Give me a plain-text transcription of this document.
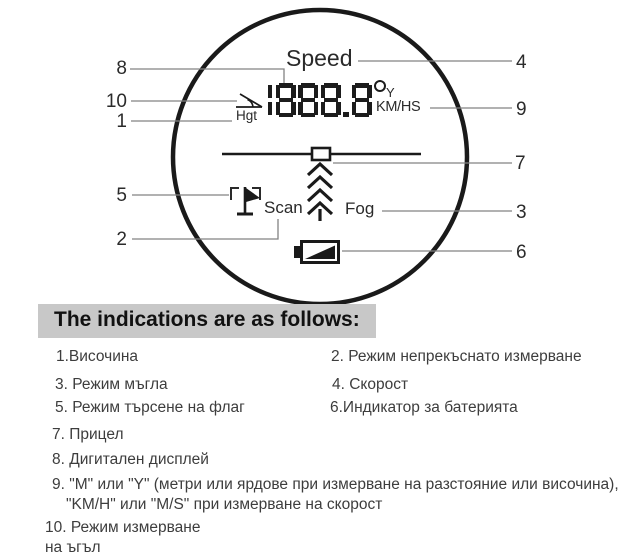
Speed
Y
KM/HS
Hgt
Scan Fog
8
10
1
5
2
4
9
7
3
6
The indications are as follows:
1.Височина	2. Режим непрекъснато измерване
3. Режим мъгла	4. Скорост
5. Режим търсене на флаг	6.Индикатор за батерията
7. Прицел
8. Дигитален дисплей
9. "M" или "Y" (метри или ярдове при измерване на разстояние или височина),
"KM/H" или "M/S" при измерване на скорост
10. Режим измерване
на ъгъл
